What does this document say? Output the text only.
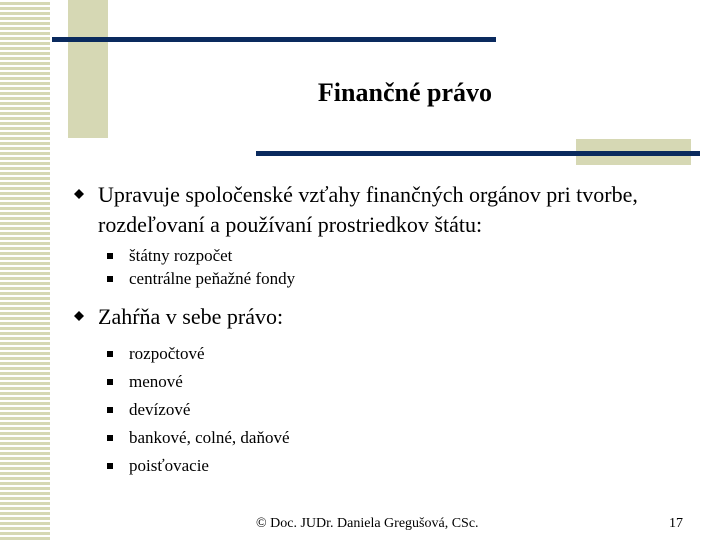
Finančné právo
Upravuje spoločenské vzťahy finančných orgánov pri tvorbe, rozdeľovaní a používaní prostriedkov štátu:
štátny rozpočet
centrálne peňažné fondy
Zahŕňa v sebe právo:
rozpočtové
menové
devízové
bankové, colné, daňové
poisťovacie
© Doc. JUDr. Daniela Gregušová, CSc.	17
